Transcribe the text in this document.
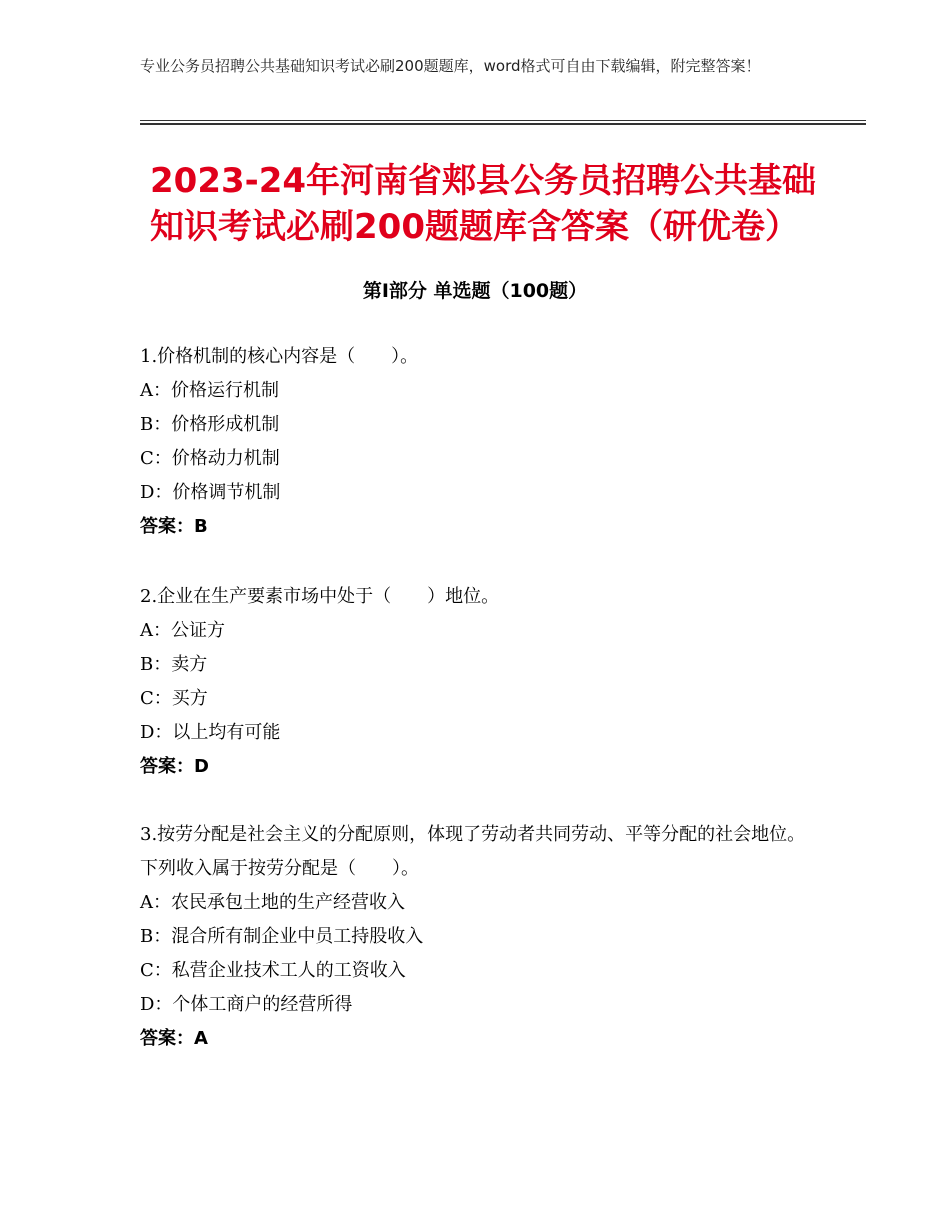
专业公务员招聘公共基础知识考试必刷200题题库，word格式可自由下载编辑，附完整答案！
2023-24年河南省郏县公务员招聘公共基础知识考试必刷200题题库含答案（研优卷）
第Ⅰ部分 单选题（100题）

1.价格机制的核心内容是（　　）。

A：价格运行机制

B：价格形成机制

C：价格动力机制

D：价格调节机制

答案：B

2.企业在生产要素市场中处于（　　）地位。

A：公证方

B：卖方

C：买方

D：以上均有可能

答案：D

3.按劳分配是社会主义的分配原则，体现了劳动者共同劳动、平等分配的社会地位。下列收入属于按劳分配是（　　）。

A：农民承包土地的生产经营收入

B：混合所有制企业中员工持股收入

C：私营企业技术工人的工资收入

D：个体工商户的经营所得

答案：A
